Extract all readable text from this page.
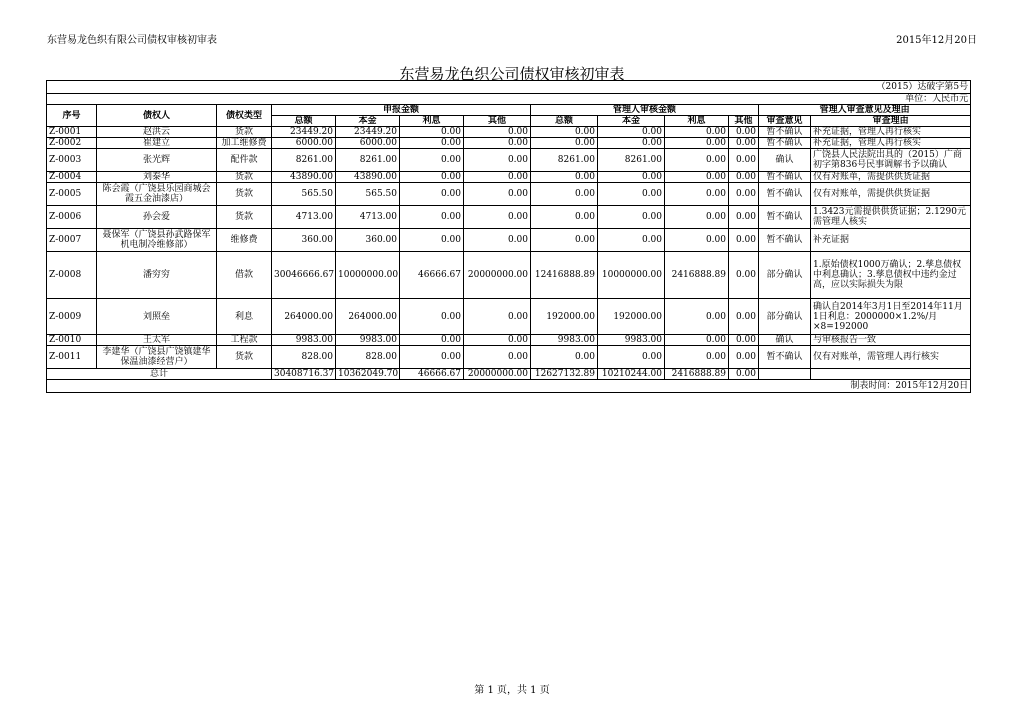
东营易龙色织有限公司债权审核初审表	2015年12月20日
东营易龙色织公司债权审核初审表
（2015）达破字第5号												
单位：人民币元												
序号	债权人	债权类型	申报金额				管理人审核金额				管理人审查意见及理由	
			总额	本金	利息	其他	总额	本金	利息	其他	审查意见	审查理由
Z-0001	赵洪云	货款	23449.20	23449.20	0.00	0.00	0.00	0.00	0.00	0.00	暂不确认	补充证据，管理人再行核实
Z-0002	崔建立	加工维修费	6000.00	6000.00	0.00	0.00	0.00	0.00	0.00	0.00	暂不确认	补充证据，管理人再行核实
Z-0003	张光辉	配件款	8261.00	8261.00	0.00	0.00	8261.00	8261.00	0.00	0.00	确认	广饶县人民法院出具的（2015）广商初字第836号民事调解书予以确认
Z-0004	刘泰华	货款	43890.00	43890.00	0.00	0.00	0.00	0.00	0.00	0.00	暂不确认	仅有对账单，需提供供货证据
Z-0005	陈会霞（广饶县乐园商城会霞五金油漆店）	货款	565.50	565.50	0.00	0.00	0.00	0.00	0.00	0.00	暂不确认	仅有对账单，需提供供货证据
Z-0006	孙会爱	货款	4713.00	4713.00	0.00	0.00	0.00	0.00	0.00	0.00	暂不确认	1.3423元需提供供货证据；2.1290元需管理人核实
Z-0007	聂保军（广饶县孙武路保军机电制冷维修部）	维修费	360.00	360.00	0.00	0.00	0.00	0.00	0.00	0.00	暂不确认	补充证据
Z-0008	潘穷穷	借款	30046666.67	10000000.00	46666.67	20000000.00	12416888.89	10000000.00	2416888.89	0.00	部分确认	1.原始债权1000万确认；2.孳息债权中利息确认；3.孳息债权中违约金过高，应以实际损失为限
Z-0009	刘照垒	利息	264000.00	264000.00	0.00	0.00	192000.00	192000.00	0.00	0.00	部分确认	确认自2014年3月1日至2014年11月1日利息：2000000×1.2%/月×8=192000
Z-0010	王太军	工程款	9983.00	9983.00	0.00	0.00	9983.00	9983.00	0.00	0.00	确认	与审核报告一致
Z-0011	李建华（广饶县广饶镇建华保温油漆经营户）	货款	828.00	828.00	0.00	0.00	0.00	0.00	0.00	0.00	暂不确认	仅有对账单，需管理人再行核实
总计			30408716.37	10362049.70	46666.67	20000000.00	12627132.89	10210244.00	2416888.89	0.00		
制表时间：2015年12月20日												
第 1 页，共 1 页
